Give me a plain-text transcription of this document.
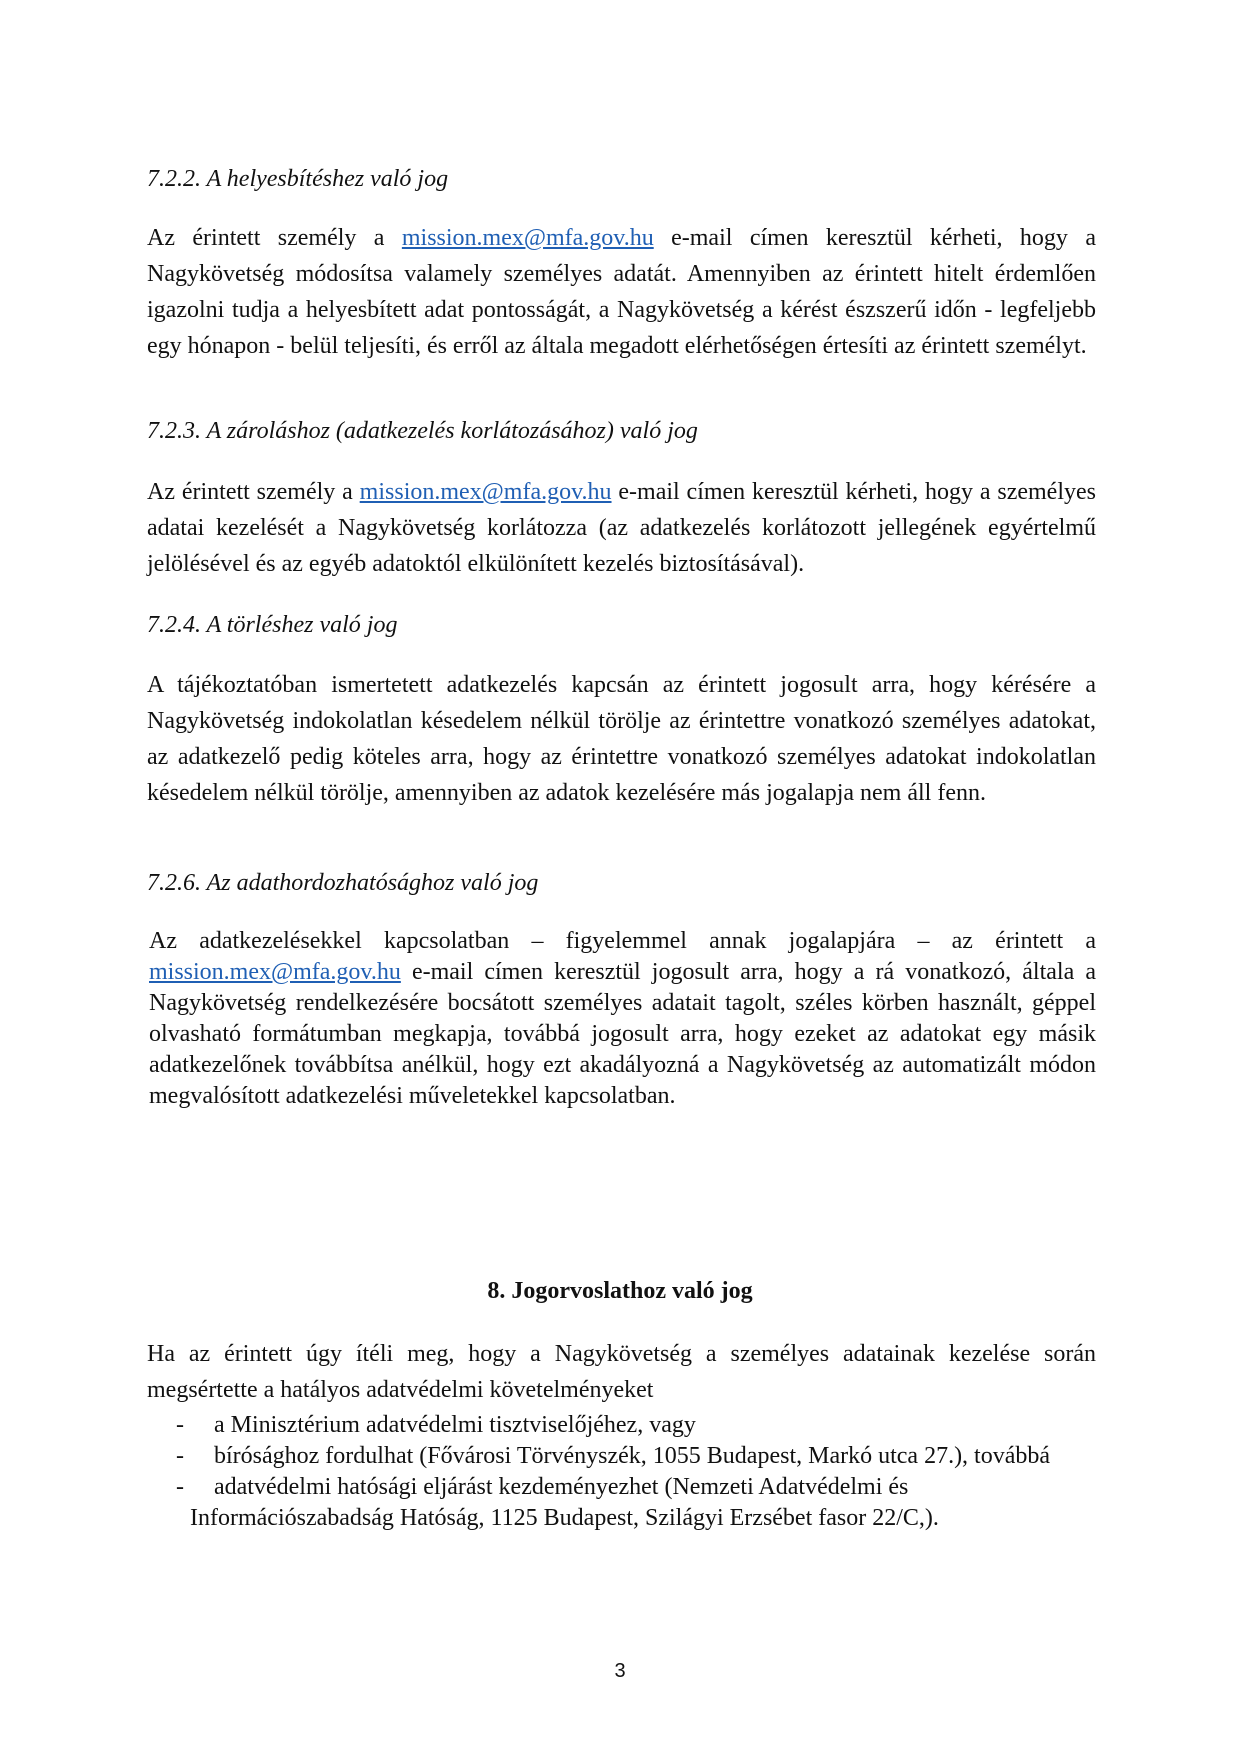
7.2.2. A helyesbítéshez való jog
Az érintett személy a mission.mex@mfa.gov.hu e-mail címen keresztül kérheti, hogy a Nagykövetség módosítsa valamely személyes adatát. Amennyiben az érintett hitelt érdemlően igazolni tudja a helyesbített adat pontosságát, a Nagykövetség a kérést észszerű időn - legfeljebb egy hónapon - belül teljesíti, és erről az általa megadott elérhetőségen értesíti az érintett személyt.
7.2.3. A zároláshoz (adatkezelés korlátozásához) való jog
Az érintett személy a mission.mex@mfa.gov.hu e-mail címen keresztül kérheti, hogy a személyes adatai kezelését a Nagykövetség korlátozza (az adatkezelés korlátozott jellegének egyértelmű jelölésével és az egyéb adatoktól elkülönített kezelés biztosításával).
7.2.4. A törléshez való jog
A tájékoztatóban ismertetett adatkezelés kapcsán az érintett jogosult arra, hogy kérésére a Nagykövetség indokolatlan késedelem nélkül törölje az érintettre vonatkozó személyes adatokat, az adatkezelő pedig köteles arra, hogy az érintettre vonatkozó személyes adatokat indokolatlan késedelem nélkül törölje, amennyiben az adatok kezelésére más jogalapja nem áll fenn.
7.2.6. Az adathordozhatósághoz való jog
Az adatkezelésekkel kapcsolatban – figyelemmel annak jogalapjára – az érintett a mission.mex@mfa.gov.hu e-mail címen keresztül jogosult arra, hogy a rá vonatkozó, általa a Nagykövetség rendelkezésére bocsátott személyes adatait tagolt, széles körben használt, géppel olvasható formátumban megkapja, továbbá jogosult arra, hogy ezeket az adatokat egy másik adatkezelőnek továbbítsa anélkül, hogy ezt akadályozná a Nagykövetség az automatizált módon megvalósított adatkezelési műveletekkel kapcsolatban.
8. Jogorvoslathoz való jog
Ha az érintett úgy ítéli meg, hogy a Nagykövetség a személyes adatainak kezelése során megsértette a hatályos adatvédelmi követelményeket
- a Minisztérium adatvédelmi tisztviselőjéhez, vagy
- bírósághoz fordulhat (Fővárosi Törvényszék, 1055 Budapest, Markó utca 27.), továbbá
- adatvédelmi hatósági eljárást kezdeményezhet (Nemzeti Adatvédelmi és
Információszabadság Hatóság, 1125 Budapest, Szilágyi Erzsébet fasor 22/C,).
3
